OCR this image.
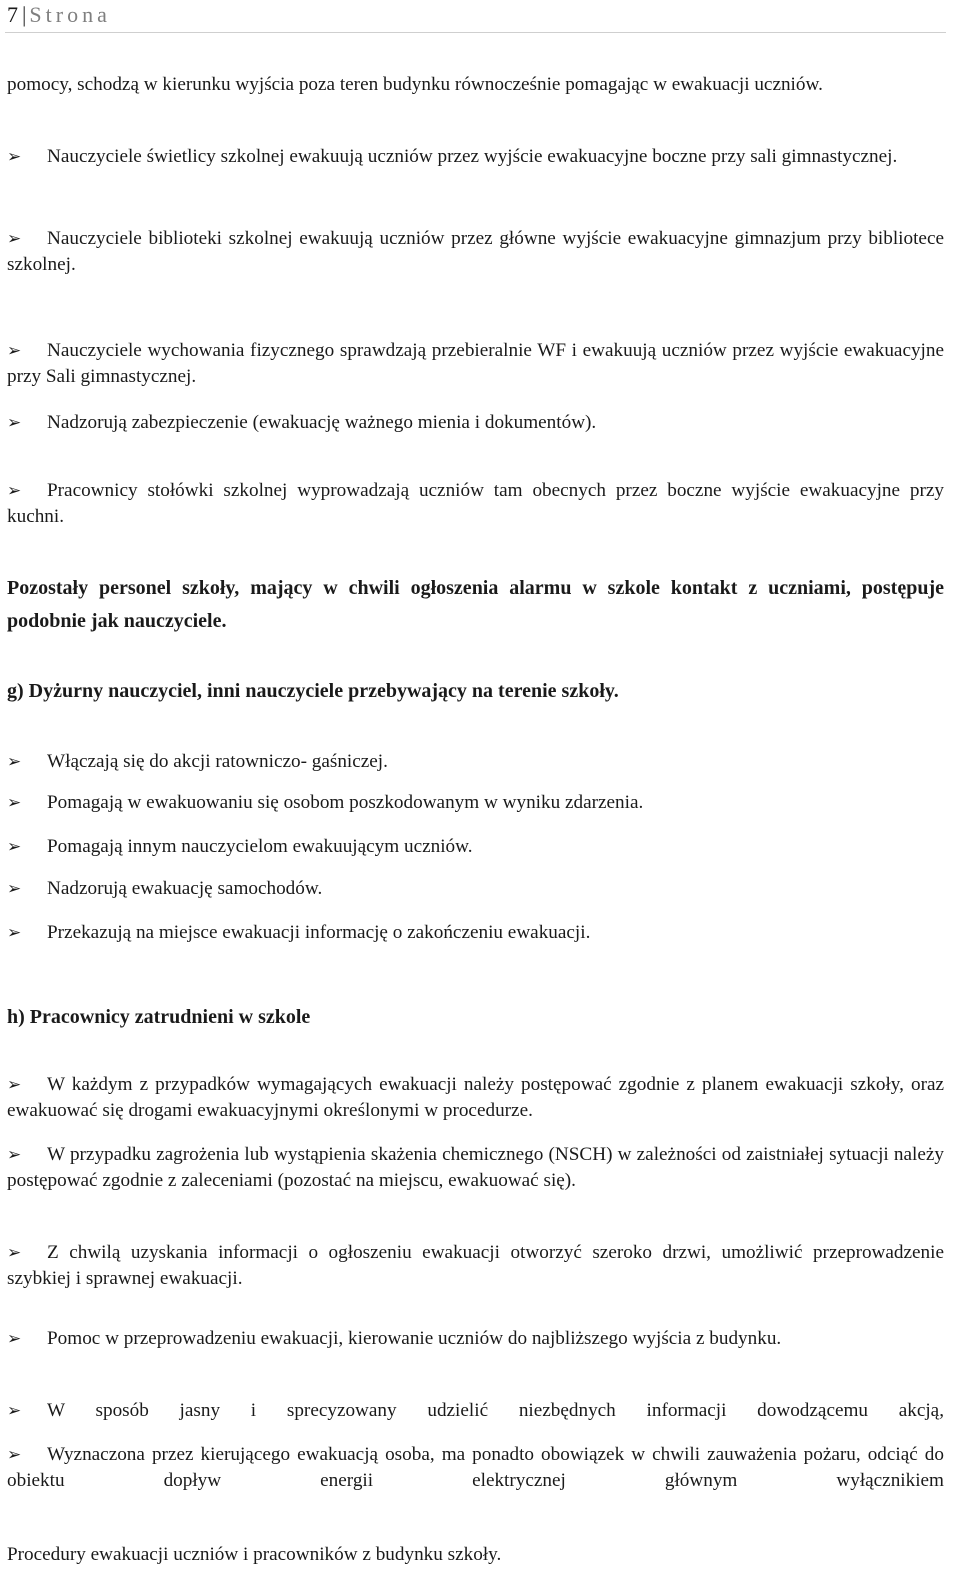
7 | Strona
pomocy, schodzą w kierunku wyjścia poza teren budynku równocześnie pomagając w ewakuacji uczniów.
➢ Nauczyciele świetlicy szkolnej ewakuują uczniów przez wyjście ewakuacyjne boczne przy sali gimnastycznej.
➢ Nauczyciele biblioteki szkolnej ewakuują uczniów przez główne wyjście ewakuacyjne gimnazjum przy bibliotece szkolnej.
➢ Nauczyciele wychowania fizycznego sprawdzają przebieralnie WF i ewakuują uczniów przez wyjście ewakuacyjne przy Sali gimnastycznej.
➢ Nadzorują zabezpieczenie (ewakuację ważnego mienia i dokumentów).
➢ Pracownicy stołówki szkolnej wyprowadzają uczniów tam obecnych przez boczne wyjście ewakuacyjne przy kuchni.
Pozostały personel szkoły, mający w chwili ogłoszenia alarmu w szkole kontakt z uczniami, postępuje podobnie jak nauczyciele.
g) Dyżurny nauczyciel, inni nauczyciele przebywający na terenie szkoły.
➢ Włączają się do akcji ratowniczo- gaśniczej.
➢ Pomagają w ewakuowaniu się osobom poszkodowanym w wyniku zdarzenia.
➢ Pomagają innym nauczycielom ewakuującym uczniów.
➢ Nadzorują ewakuację samochodów.
➢ Przekazują na miejsce ewakuacji informację o zakończeniu ewakuacji.
h) Pracownicy zatrudnieni w szkole
➢ W każdym z przypadków wymagających ewakuacji należy postępować zgodnie z planem ewakuacji szkoły, oraz ewakuować się drogami ewakuacyjnymi określonymi w procedurze.
➢ W przypadku zagrożenia lub wystąpienia skażenia chemicznego (NSCH) w zależności od zaistniałej sytuacji należy postępować zgodnie z zaleceniami (pozostać na miejscu, ewakuować się).
➢ Z chwilą uzyskania informacji o ogłoszeniu ewakuacji otworzyć szeroko drzwi, umożliwić przeprowadzenie szybkiej i sprawnej ewakuacji.
➢ Pomoc w przeprowadzeniu ewakuacji, kierowanie uczniów do najbliższego wyjścia z budynku.
➢ W sposób jasny i sprecyzowany udzielić niezbędnych informacji dowodzącemu akcją,
➢ Wyznaczona przez kierującego ewakuacją osoba, ma ponadto obowiązek w chwili zauważenia pożaru, odciąć do obiektu dopływ energii elektrycznej głównym wyłącznikiem
Procedury ewakuacji uczniów i pracowników z budynku szkoły.
